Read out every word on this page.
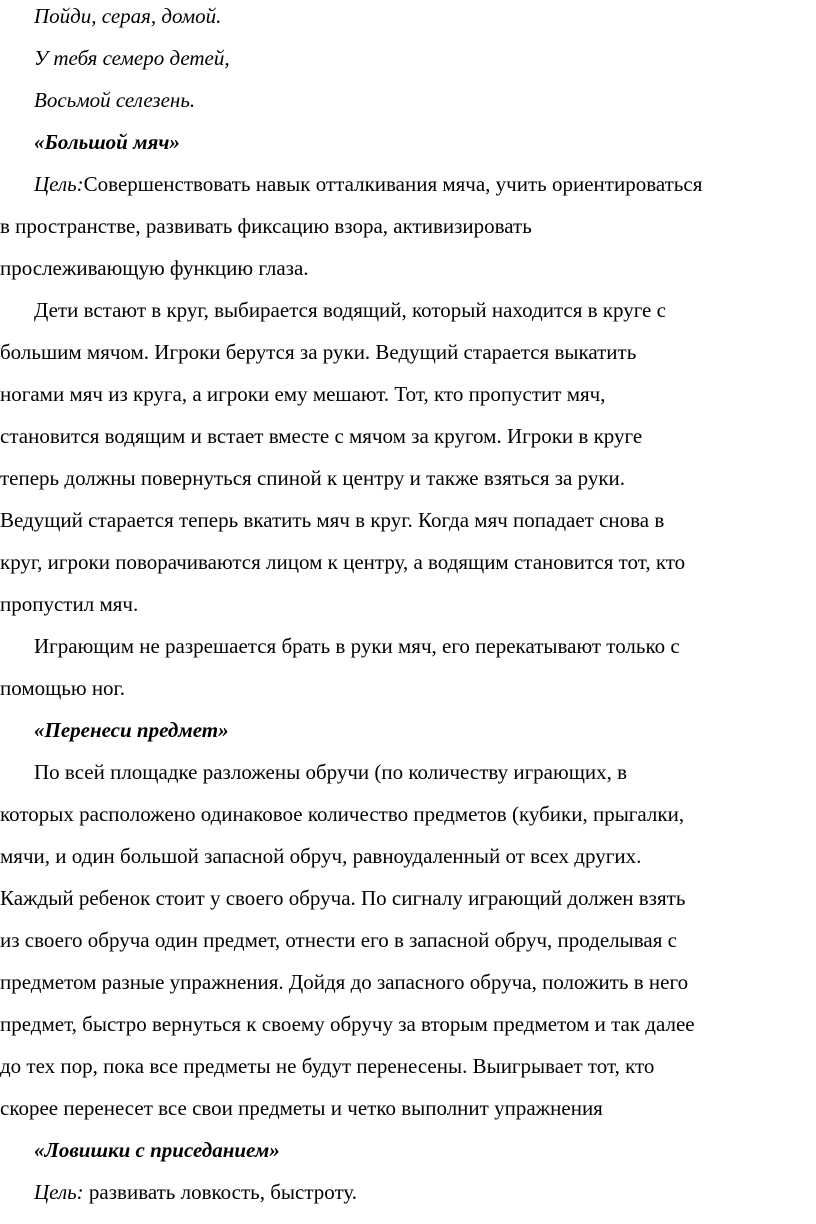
Пойди, серая, домой.
У тебя семеро детей,
Восьмой селезень.
«Большой мяч»
Цель:Совершенствовать навык отталкивания мяча, учить ориентироваться
в пространстве, развивать фиксацию взора, активизировать
прослеживающую функцию глаза.
Дети встают в круг, выбирается водящий, который находится в круге с
большим мячом. Игроки берутся за руки. Ведущий старается выкатить
ногами мяч из круга, а игроки ему мешают. Тот, кто пропустит мяч,
становится водящим и встает вместе с мячом за кругом. Игроки в круге
теперь должны повернуться спиной к центру и также взяться за руки.
Ведущий старается теперь вкатить мяч в круг. Когда мяч попадает снова в
круг, игроки поворачиваются лицом к центру, а водящим становится тот, кто
пропустил мяч.
Играющим не разрешается брать в руки мяч, его перекатывают только с
помощью ног.
«Перенеси предмет»
По всей площадке разложены обручи (по количеству играющих, в
которых расположено одинаковое количество предметов (кубики, прыгалки,
мячи, и один большой запасной обруч, равноудаленный от всех других.
Каждый ребенок стоит у своего обруча. По сигналу играющий должен взять
из своего обруча один предмет, отнести его в запасной обруч, проделывая с
предметом разные упражнения. Дойдя до запасного обруча, положить в него
предмет, быстро вернуться к своему обручу за вторым предметом и так далее
до тех пор, пока все предметы не будут перенесены. Выигрывает тот, кто
скорее перенесет все свои предметы и четко выполнит упражнения
«Ловишки с приседанием»
Цель: развивать ловкость, быстроту.
